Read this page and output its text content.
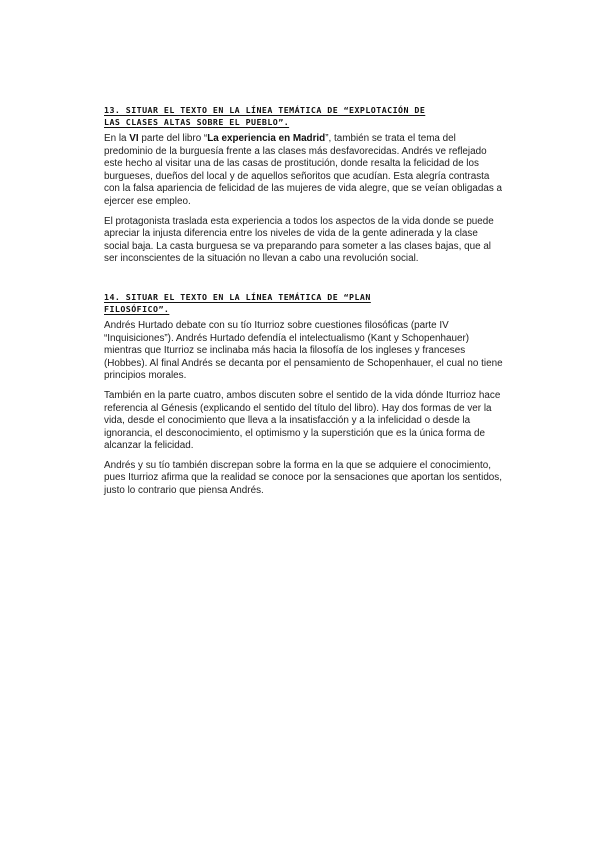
13. SITUAR EL TEXTO EN LA LÍNEA TEMÁTICA DE “EXPLOTACIÓN DE
LAS CLASES ALTAS SOBRE EL PUEBLO”.

En la VI parte del libro “La experiencia en Madrid”, también se trata el tema del predominio de la burguesía frente a las clases más desfavorecidas. Andrés ve reflejado este hecho al visitar una de las casas de prostitución, donde resalta la felicidad de los burgueses, dueños del local y de aquellos señoritos que acudían. Esta alegría contrasta con la falsa apariencia de felicidad de las mujeres de vida alegre, que se veían obligadas a ejercer ese empleo.

El protagonista traslada esta experiencia a todos los aspectos de la vida donde se puede apreciar la injusta diferencia entre los niveles de vida de la gente adinerada y la clase social baja. La casta burguesa se va preparando para someter a las clases bajas, que al ser inconscientes de la situación no llevan a cabo una revolución social.

14. SITUAR EL TEXTO EN LA LÍNEA TEMÁTICA DE “PLAN
FILOSÓFICO”.

Andrés Hurtado debate con su tío Iturrioz sobre cuestiones filosóficas (parte IV “Inquisiciones”). Andrés Hurtado defendía el intelectualismo (Kant y Schopenhauer) mientras que Iturrioz se inclinaba más hacia la filosofía de los ingleses y franceses (Hobbes). Al final Andrés se decanta por el pensamiento de Schopenhauer, el cual no tiene principios morales.

También en la parte cuatro, ambos discuten sobre el sentido de la vida dónde Iturrioz hace referencia al Génesis (explicando el sentido del título del libro). Hay dos formas de ver la vida, desde el conocimiento que lleva a la insatisfacción y a la infelicidad o desde la ignorancia, el desconocimiento, el optimismo y la superstición que es la única forma de alcanzar la felicidad.

Andrés y su tío también discrepan sobre la forma en la que se adquiere el conocimiento, pues Iturrioz afirma que la realidad se conoce por la sensaciones que aportan los sentidos, justo lo contrario que piensa Andrés.
